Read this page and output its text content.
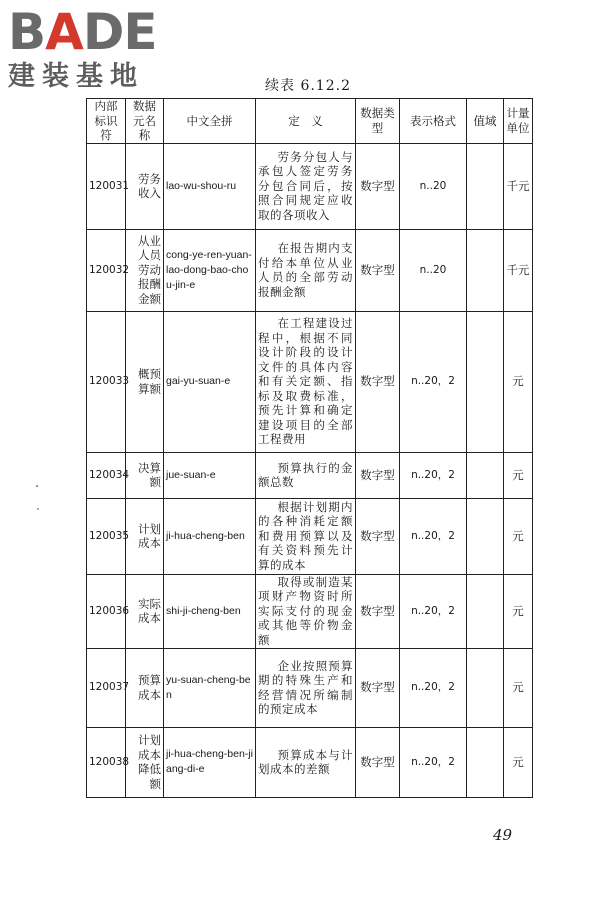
BADE
建装基地	续表 6.12.2
内部标识符	数据元名称	中文全拼	定　义	数据类型	表示格式	值域	计量单位
120031	劳务收入	lao-wu-shou-ru	劳务分包人与承包人签定劳务分包合同后，按照合同规定应收取的各项收入	数字型	n..20		千元
120032	从业人员劳动报酬金额	cong-ye-ren-yuan-lao-dong-bao-chou-jin-e	在报告期内支付给本单位从业人员的全部劳动报酬金额	数字型	n..20		千元
120033	概预算额	gai-yu-suan-e	在工程建设过程中，根据不同设计阶段的设计文件的具体内容和有关定额、指标及取费标准，预先计算和确定建设项目的全部工程费用	数字型	n..20，2		元
120034	决算额	jue-suan-e	预算执行的金额总数	数字型	n..20，2		元
120035	计划成本	ji-hua-cheng-ben	根据计划期内的各种消耗定额和费用预算以及有关资料预先计算的成本	数字型	n..20，2		元
120036	实际成本	shi-ji-cheng-ben	取得或制造某项财产物资时所实际支付的现金或其他等价物金额	数字型	n..20，2		元
120037	预算成本	yu-suan-cheng-ben	企业按照预算期的特殊生产和经营情况所编制的预定成本	数字型	n..20，2		元
120038	计划成本降低额	ji-hua-cheng-ben-jiang-di-e	预算成本与计划成本的差额	数字型	n..20，2		元
49
